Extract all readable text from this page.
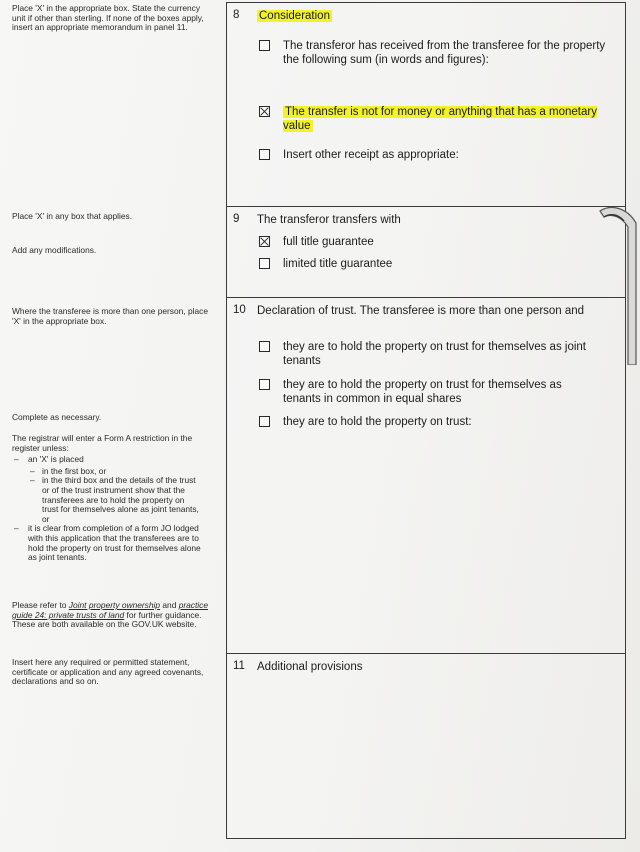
Place 'X' in the appropriate box. State the currency unit if other than sterling. If none of the boxes apply, insert an appropriate memorandum in panel 11.
Place 'X' in any box that applies.
Add any modifications.
Where the transferee is more than one person, place 'X' in the appropriate box.
Complete as necessary.
The registrar will enter a Form A restriction in the register unless:
– an 'X' is placed
– in the first box, or
– in the third box and the details of the trust or of the trust instrument show that the transferees are to hold the property on trust for themselves alone as joint tenants, or
– it is clear from completion of a form JO lodged with this application that the transferees are to hold the property on trust for themselves alone as joint tenants.
Please refer to Joint property ownership and practice guide 24: private trusts of land for further guidance. These are both available on the GOV.UK website.
Insert here any required or permitted statement, certificate or application and any agreed covenants, declarations and so on.
8 Consideration
The transferor has received from the transferee for the property the following sum (in words and figures):
The transfer is not for money or anything that has a monetary value
Insert other receipt as appropriate:
9 The transferor transfers with
full title guarantee
limited title guarantee
10 Declaration of trust. The transferee is more than one person and
they are to hold the property on trust for themselves as joint tenants
they are to hold the property on trust for themselves as tenants in common in equal shares
they are to hold the property on trust:
11 Additional provisions
